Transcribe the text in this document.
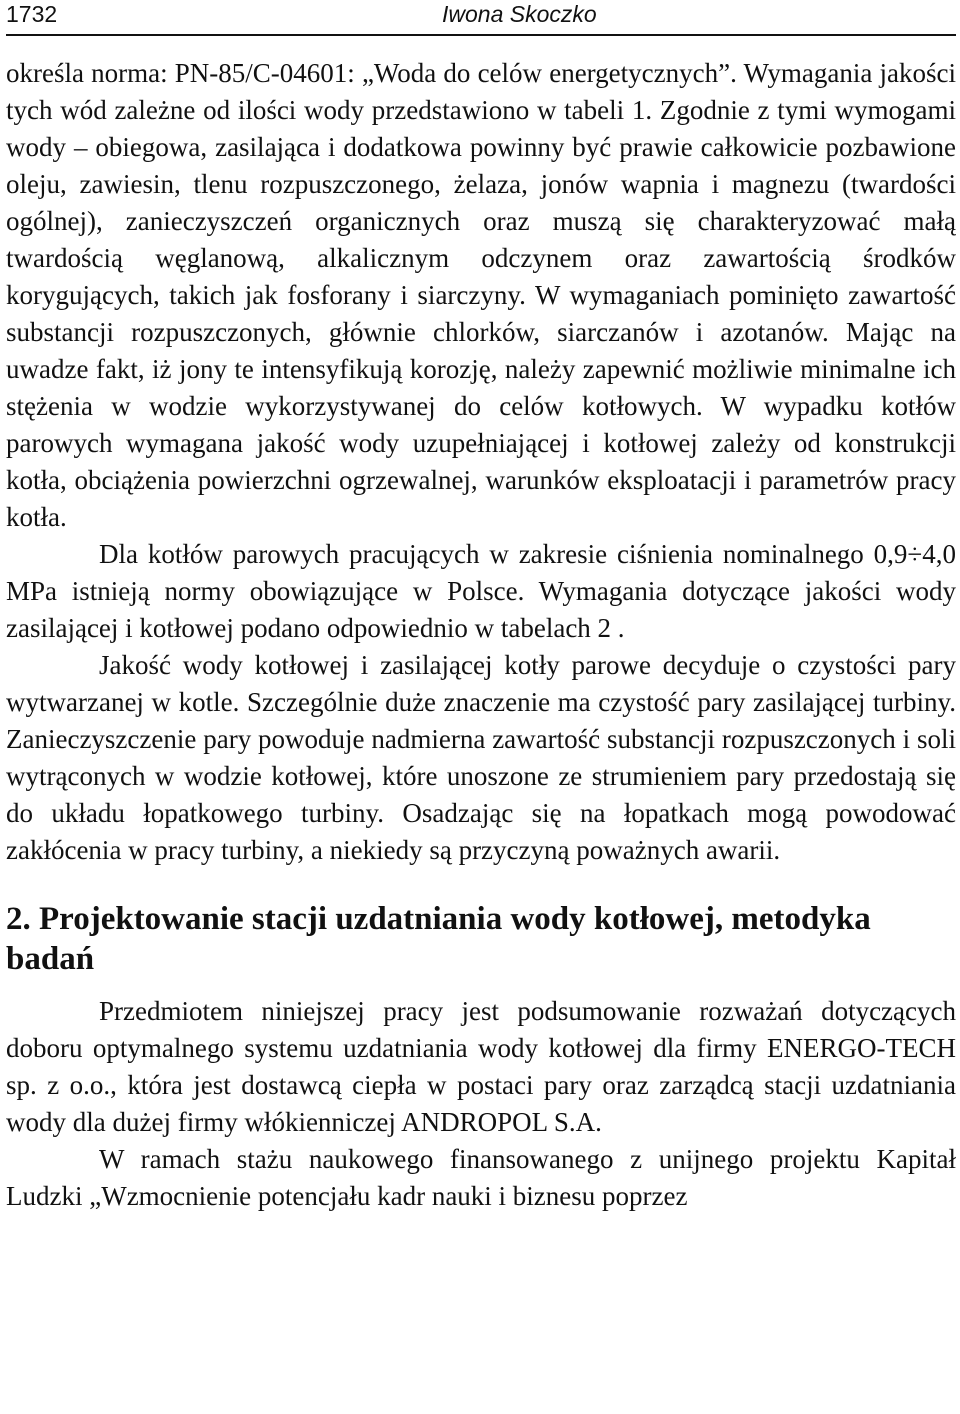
1732	Iwona Skoczko

określa norma: PN-85/C-04601: „Woda do celów energetycznych”. Wymagania jakości tych wód zależne od ilości wody przedstawiono w tabeli 1. Zgodnie z tymi wymogami wody – obiegowa, zasilająca i dodatkowa powinny być prawie całkowicie pozbawione oleju, zawiesin, tlenu rozpuszczonego, żelaza, jonów wapnia i magnezu (twardości ogólnej), zanieczyszczeń organicznych oraz muszą się charakteryzować małą twardością węglanową, alkalicznym odczynem oraz zawartością środków korygujących, takich jak fosforany i siarczyny. W wymaganiach pominięto zawartość substancji rozpuszczonych, głównie chlorków, siarczanów i azotanów. Mając na uwadze fakt, iż jony te intensyfikują korozję, należy zapewnić możliwie minimalne ich stężenia w wodzie wykorzystywanej do celów kotłowych. W wypadku kotłów parowych wymagana jakość wody uzupełniającej i kotłowej zależy od konstrukcji kotła, obciążenia powierzchni ogrzewalnej, warunków eksploatacji i parametrów pracy kotła.

Dla kotłów parowych pracujących w zakresie ciśnienia nominalnego 0,9÷4,0 MPa istnieją normy obowiązujące w Polsce. Wymagania dotyczące jakości wody zasilającej i kotłowej podano odpowiednio w tabelach 2 .

Jakość wody kotłowej i zasilającej kotły parowe decyduje o czystości pary wytwarzanej w kotle. Szczególnie duże znaczenie ma czystość pary zasilającej turbiny. Zanieczyszczenie pary powoduje nadmierna zawartość substancji rozpuszczonych i soli wytrąconych w wodzie kotłowej, które unoszone ze strumieniem pary przedostają się do układu łopatkowego turbiny. Osadzając się na łopatkach mogą powodować zakłócenia w pracy turbiny, a niekiedy są przyczyną poważnych awarii.

2. Projektowanie stacji uzdatniania wody kotłowej, metodyka badań

Przedmiotem niniejszej pracy jest podsumowanie rozważań dotyczących doboru optymalnego systemu uzdatniania wody kotłowej dla firmy ENERGO-TECH sp. z o.o., która jest dostawcą ciepła w postaci pary oraz zarządcą stacji uzdatniania wody dla dużej firmy włókienniczej ANDROPOL S.A.

W ramach stażu naukowego finansowanego z unijnego projektu Kapitał Ludzki „Wzmocnienie potencjału kadr nauki i biznesu poprzez
